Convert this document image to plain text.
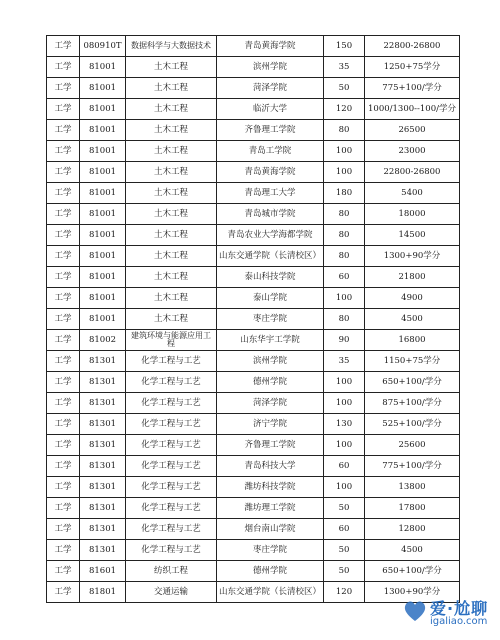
工学	080910T	数据科学与大数据技术	青岛黄海学院	150	22800-26800
工学	81001	土木工程	滨州学院	35	1250+75学分
工学	81001	土木工程	菏泽学院	50	775+100/学分
工学	81001	土木工程	临沂大学	120	1000/1300--100/学分
工学	81001	土木工程	齐鲁理工学院	80	26500
工学	81001	土木工程	青岛工学院	100	23000
工学	81001	土木工程	青岛黄海学院	100	22800-26800
工学	81001	土木工程	青岛理工大学	180	5400
工学	81001	土木工程	青岛城市学院	80	18000
工学	81001	土木工程	青岛农业大学海都学院	80	14500
工学	81001	土木工程	山东交通学院（长清校区）	80	1300+90学分
工学	81001	土木工程	泰山科技学院	60	21800
工学	81001	土木工程	泰山学院	100	4900
工学	81001	土木工程	枣庄学院	80	4500
工学	81002	建筑环境与能源应用工程	山东华宇工学院	90	16800
工学	81301	化学工程与工艺	滨州学院	35	1150+75学分
工学	81301	化学工程与工艺	德州学院	100	650+100/学分
工学	81301	化学工程与工艺	菏泽学院	100	875+100/学分
工学	81301	化学工程与工艺	济宁学院	130	525+100/学分
工学	81301	化学工程与工艺	齐鲁理工学院	100	25600
工学	81301	化学工程与工艺	青岛科技大学	60	775+100/学分
工学	81301	化学工程与工艺	潍坊科技学院	100	13800
工学	81301	化学工程与工艺	潍坊理工学院	50	17800
工学	81301	化学工程与工艺	烟台南山学院	60	12800
工学	81301	化学工程与工艺	枣庄学院	50	4500
工学	81601	纺织工程	德州学院	50	650+100/学分
工学	81801	交通运输	山东交通学院（长清校区）	120	1300+90学分
爱·尬聊
igaliao.com
